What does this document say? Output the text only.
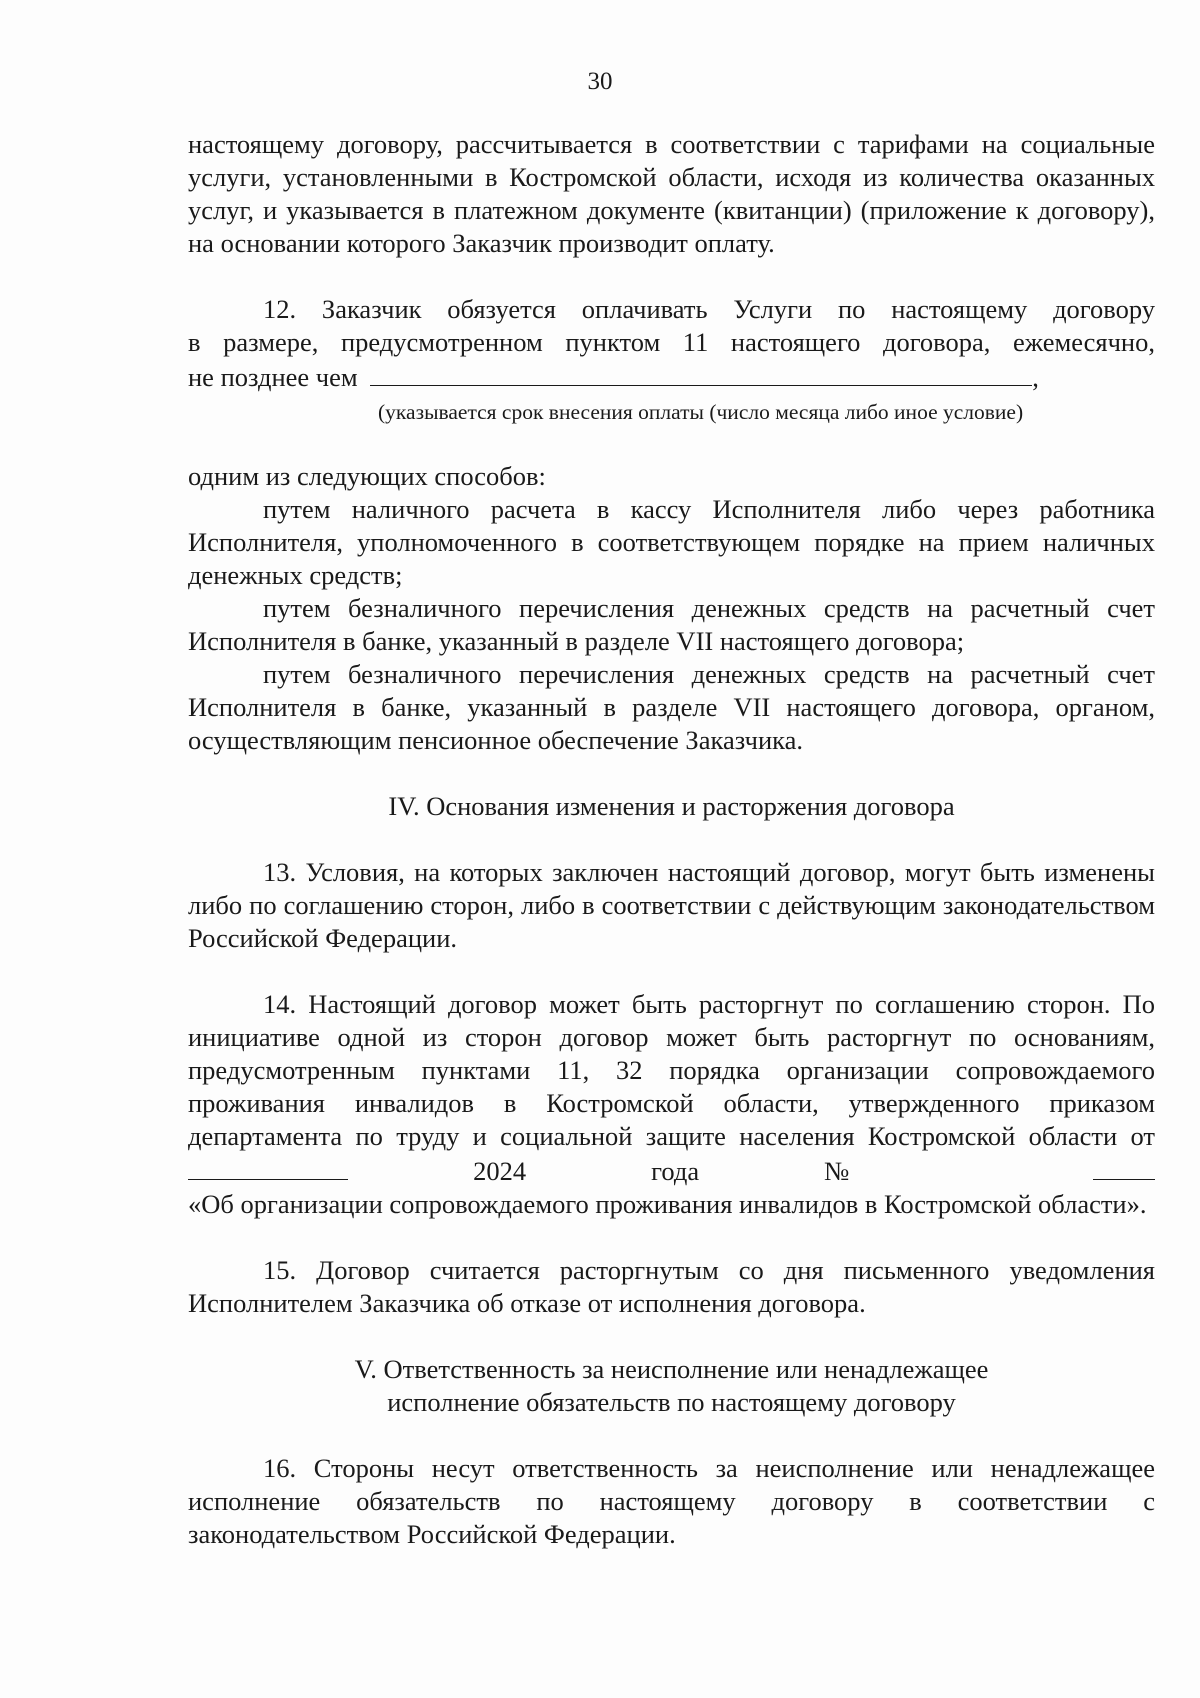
30

настоящему договору, рассчитывается в соответствии с тарифами на социальные услуги, установленными в Костромской области, исходя из количества оказанных услуг, и указывается в платежном документе (квитанции) (приложение к договору), на основании которого Заказчик производит оплату.

12. Заказчик обязуется оплачивать Услуги по настоящему договору

в размере, предусмотренном пунктом 11 настоящего договора, ежемесячно,

не позднее чем	,

(указывается срок внесения оплаты (число месяца либо иное условие)

одним из следующих способов:

путем наличного расчета в кассу Исполнителя либо через работника Исполнителя, уполномоченного в соответствующем порядке на прием наличных денежных средств;

путем безналичного перечисления денежных средств на расчетный счет Исполнителя в банке, указанный в разделе VII настоящего договора;

путем безналичного перечисления денежных средств на расчетный счет Исполнителя в банке, указанный в разделе VII настоящего договора, органом, осуществляющим пенсионное обеспечение Заказчика.

IV. Основания изменения и расторжения договора

13. Условия, на которых заключен настоящий договор, могут быть изменены либо по соглашению сторон, либо в соответствии с действующим законодательством Российской Федерации.

14. Настоящий договор может быть расторгнут по соглашению сторон. По инициативе одной из сторон договор может быть расторгнут по основаниям, предусмотренным пунктами 11, 32 порядка организации сопровождаемого проживания инвалидов в Костромской области, утвержденного приказом департамента по труду и социальной защите населения Костромской области от  2024 года №

«Об организации сопровождаемого проживания инвалидов в Костромской области».

15. Договор считается расторгнутым со дня письменного уведомления Исполнителем Заказчика об отказе от исполнения договора.

V. Ответственность за неисполнение или ненадлежащее
исполнение обязательств по настоящему договору

16. Стороны несут ответственность за неисполнение или ненадлежащее исполнение обязательств по настоящему договору в соответствии с законодательством Российской Федерации.
